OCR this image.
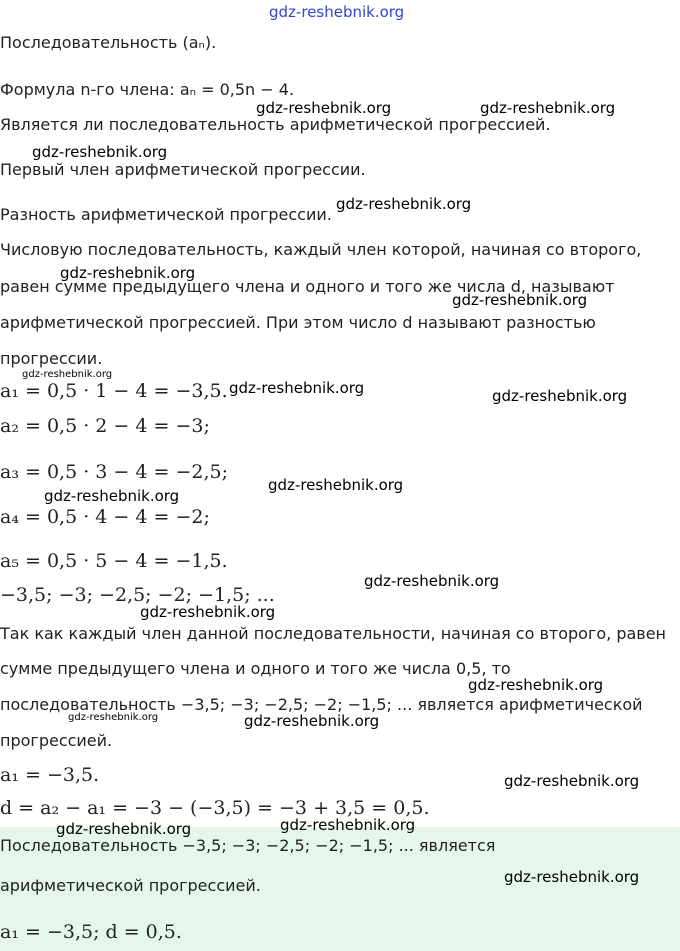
Последовательность (aₙ).
Формула n-го члена: aₙ = 0,5n − 4.
Является ли последовательность арифметической прогрессией.
Первый член арифметической прогрессии.
Разность арифметической прогрессии.
Числовую последовательность, каждый член которой, начиная со второго,
равен сумме предыдущего члена и одного и того же числа d, называют
арифметической прогрессией. При этом число d называют разностью
прогрессии.
a₁ = 0,5 · 1 − 4 = −3,5.
a₂ = 0,5 · 2 − 4 = −3;
a₃ = 0,5 · 3 − 4 = −2,5;
a₄ = 0,5 · 4 − 4 = −2;
a₅ = 0,5 · 5 − 4 = −1,5.
−3,5; −3; −2,5; −2; −1,5; ...
Так как каждый член данной последовательности, начиная со второго, равен
сумме предыдущего члена и одного и того же числа 0,5, то
последовательность −3,5; −3; −2,5; −2; −1,5; ... является арифметической
прогрессией.
a₁ = −3,5.
d = a₂ − a₁ = −3 − (−3,5) = −3 + 3,5 = 0,5.
Последовательность −3,5; −3; −2,5; −2; −1,5; ... является
арифметической прогрессией.
a₁ = −3,5; d = 0,5.
gdz-reshebnik.org
gdz-reshebnik.org	gdz-reshebnik.org
gdz-reshebnik.org
gdz-reshebnik.org
gdz-reshebnik.org
gdz-reshebnik.org
gdz-reshebnik.org
gdz-reshebnik.org	gdz-reshebnik.org
gdz-reshebnik.org
gdz-reshebnik.org
gdz-reshebnik.org
gdz-reshebnik.org
gdz-reshebnik.org
gdz-reshebnik.org	gdz-reshebnik.org
gdz-reshebnik.org
gdz-reshebnik.org
gdz-reshebnik.org
gdz-reshebnik.org
